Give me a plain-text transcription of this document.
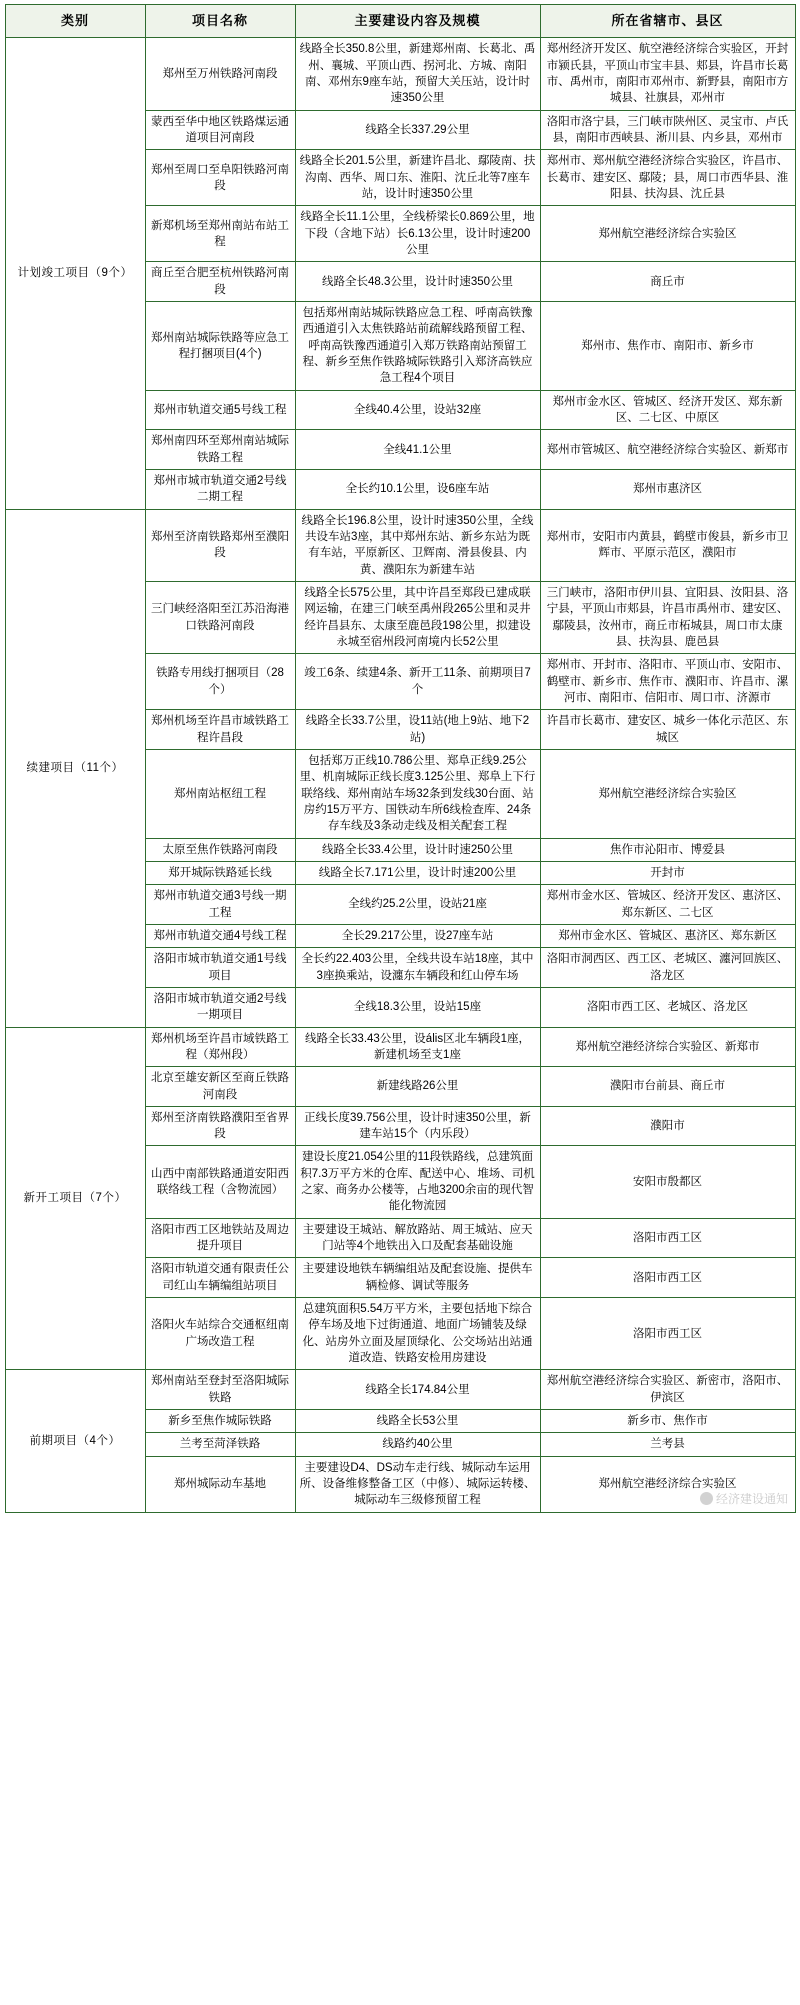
类别	项目名称	主要建设内容及规模	所在省辖市、县区
计划竣工项目（9个）	郑州至万州铁路河南段	线路全长350.8公里，新建郑州南、长葛北、禹州、襄城、平顶山西、拐河北、方城、南阳南、邓州东9座车站，预留大关压站，设计时速350公里	郑州经济开发区、航空港经济综合实验区，开封市颍氏县，平顶山市宝丰县、郏县，许昌市长葛市、禹州市，南阳市邓州市、新野县，南阳市方城县、社旗县，邓州市
	蒙西至华中地区铁路煤运通道项目河南段	线路全长337.29公里	洛阳市洛宁县，三门峡市陕州区、灵宝市、卢氏县，南阳市西峡县、淅川县、内乡县，邓州市
	郑州至周口至阜阳铁路河南段	线路全长201.5公里，新建许昌北、鄢陵南、扶沟南、西华、周口东、淮阳、沈丘北等7座车站，设计时速350公里	郑州市、郑州航空港经济综合实验区，许昌市、长葛市、建安区、鄢陵；县，周口市西华县、淮阳县、扶沟县、沈丘县
	新郑机场至郑州南站布站工程	线路全长11.1公里，全线桥梁长0.869公里，地下段（含地下站）长6.13公里，设计时速200公里	郑州航空港经济综合实验区
	商丘至合肥至杭州铁路河南段	线路全长48.3公里，设计时速350公里	商丘市
	郑州南站城际铁路等应急工程打捆项目(4个)	包括郑州南站城际铁路应急工程、呼南高铁豫西通道引入太焦铁路站前疏解线路预留工程、呼南高铁豫西通道引入郑万铁路南站预留工程、新乡至焦作铁路城际铁路引入郑济高铁应急工程4个项目	郑州市、焦作市、南阳市、新乡市
	郑州市轨道交通5号线工程	全线40.4公里，设站32座	郑州市金水区、管城区、经济开发区、郑东新区、二七区、中原区
	郑州南四环至郑州南站城际铁路工程	全线41.1公里	郑州市管城区、航空港经济综合实验区、新郑市
	郑州市城市轨道交通2号线二期工程	全长约10.1公里，设6座车站	郑州市惠济区
续建项目（11个）	郑州至济南铁路郑州至濮阳段	线路全长196.8公里，设计时速350公里，全线共设车站3座，其中郑州东站、新乡东站为既有车站，平原新区、卫辉南、滑县俊县、内黄、濮阳东为新建车站	郑州市，安阳市内黄县，鹤壁市俊县，新乡市卫辉市、平原示范区，濮阳市
	三门峡经洛阳至江苏沿海港口铁路河南段	线路全长575公里，其中许昌至郑段已建成联网运输，在建三门峡至禹州段265公里和灵井经许昌县东、太康至鹿邑段198公里，拟建设永城至宿州段河南境内长52公里	三门峡市，洛阳市伊川县、宜阳县、汝阳县、洛宁县，平顶山市郏县，许昌市禹州市、建安区、鄢陵县，汝州市，商丘市柘城县，周口市太康县、扶沟县、鹿邑县
	铁路专用线打捆项目（28个）	竣工6条、续建4条、新开工11条、前期项目7个	郑州市、开封市、洛阳市、平顶山市、安阳市、鹤壁市、新乡市、焦作市、濮阳市、许昌市、漯河市、南阳市、信阳市、周口市、济源市
	郑州机场至许昌市域铁路工程许昌段	线路全长33.7公里，设11站(地上9站、地下2站)	许昌市长葛市、建安区、城乡一体化示范区、东城区
	郑州南站枢纽工程	包括郑万正线10.786公里、郑阜正线9.25公里、机南城际正线长度3.125公里、郑阜上下行联络线、郑州南站车场32条到发线30台面、站房约15万平方、国铁动车所6线检查库、24条存车线及3条动走线及相关配套工程	郑州航空港经济综合实验区
	太原至焦作铁路河南段	线路全长33.4公里，设计时速250公里	焦作市沁阳市、博爱县
	郑开城际铁路延长线	线路全长7.171公里，设计时速200公里	开封市
	郑州市轨道交通3号线一期工程	全线约25.2公里，设站21座	郑州市金水区、管城区、经济开发区、惠济区、郑东新区、二七区
	郑州市轨道交通4号线工程	全长29.217公里，设27座车站	郑州市金水区、管城区、惠济区、郑东新区
	洛阳市城市轨道交通1号线项目	全长约22.403公里，全线共设车站18座，其中3座换乘站，设瀍东车辆段和红山停车场	洛阳市洞西区、西工区、老城区、瀍河回族区、洛龙区
	洛阳市城市轨道交通2号线一期项目	全线18.3公里，设站15座	洛阳市西工区、老城区、洛龙区
新开工项目（7个）	郑州机场至许昌市域铁路工程（郑州段）	线路全长33.43公里，设ális区北车辆段1座，新建机场至支1座	郑州航空港经济综合实验区、新郑市
	北京至雄安新区至商丘铁路河南段	新建线路26公里	濮阳市台前县、商丘市
	郑州至济南铁路濮阳至省界段	正线长度39.756公里，设计时速350公里，新建车站15个（内乐段）	濮阳市
	山西中南部铁路通道安阳西联络线工程（含物流园）	建设长度21.054公里的11段铁路线，总建筑面积7.3万平方米的仓库、配送中心、堆场、司机之家、商务办公楼等，占地3200余亩的现代智能化物流园	安阳市殷都区
	洛阳市西工区地铁站及周边提升项目	主要建设王城站、解放路站、周王城站、应天门站等4个地铁出入口及配套基础设施	洛阳市西工区
	洛阳市轨道交通有限责任公司红山车辆编组站项目	主要建设地铁车辆编组站及配套设施、提供车辆检修、调试等服务	洛阳市西工区
	洛阳火车站综合交通枢纽南广场改造工程	总建筑面积5.54万平方米，主要包括地下综合停车场及地下过街通道、地面广场铺装及绿化、站房外立面及屋顶绿化、公交场站出站通道改造、铁路安检用房建设	洛阳市西工区
前期项目（4个）	郑州南站至登封至洛阳城际铁路	线路全长174.84公里	郑州航空港经济综合实验区、新密市，洛阳市、伊滨区
	新乡至焦作城际铁路	线路全长53公里	新乡市、焦作市
	兰考至菏泽铁路	线路约40公里	兰考县
	郑州城际动车基地	主要建设D4、DS动车走行线、城际动车运用所、设备维修整备工区（中修）、城际运转楼、城际动车三级修预留工程	郑州航空港经济综合实验区
经济建设通知
